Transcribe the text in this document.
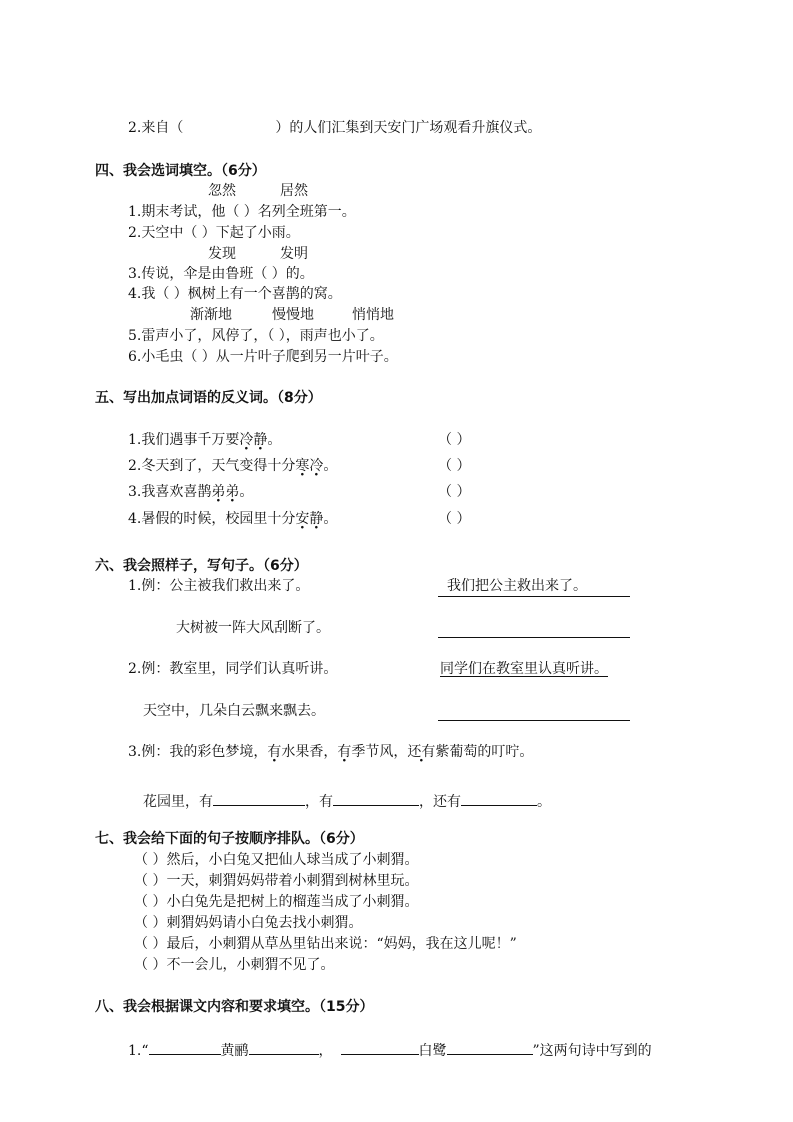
2.来自（	）的人们汇集到天安门广场观看升旗仪式。
四、我会选词填空。（6分）
忽然	居然
1.期末考试，他（ ）名列全班第一。
2.天空中（ ）下起了小雨。
发现	发明
3.传说，伞是由鲁班（ ）的。
4.我（ ）枫树上有一个喜鹊的窝。
渐渐地	慢慢地	悄悄地
5.雷声小了，风停了，（ ），雨声也小了。
6.小毛虫（ ）从一片叶子爬到另一片叶子。
五、写出加点词语的反义词。（8分）
1.我们遇事千万要冷静。	（ ）
2.冬天到了，天气变得十分寒冷。	（ ）
3.我喜欢喜鹊弟弟。	（ ）
4.暑假的时候，校园里十分安静。	（ ）
六、我会照样子，写句子。（6分）
1.例：公主被我们救出来了。	我们把公主救出来了。
大树被一阵大风刮断了。
2.例：教室里，同学们认真听讲。	同学们在教室里认真听讲。
天空中，几朵白云飘来飘去。
3.例：我的彩色梦境，有水果香，有季节风，还有紫葡萄的叮咛。
花园里，有	，有	，还有	。
七、我会给下面的句子按顺序排队。（6分）
（ ）然后，小白兔又把仙人球当成了小刺猬。
（ ）一天，刺猬妈妈带着小刺猬到树林里玩。
（ ）小白兔先是把树上的榴莲当成了小刺猬。
（ ）刺猬妈妈请小白兔去找小刺猬。
（ ）最后，小刺猬从草丛里钻出来说：“妈妈，我在这儿呢！”
（ ）不一会儿，小刺猬不见了。
八、我会根据课文内容和要求填空。（15分）
1.“	黄鹂	，	白鹭	”这两句诗中写到的
